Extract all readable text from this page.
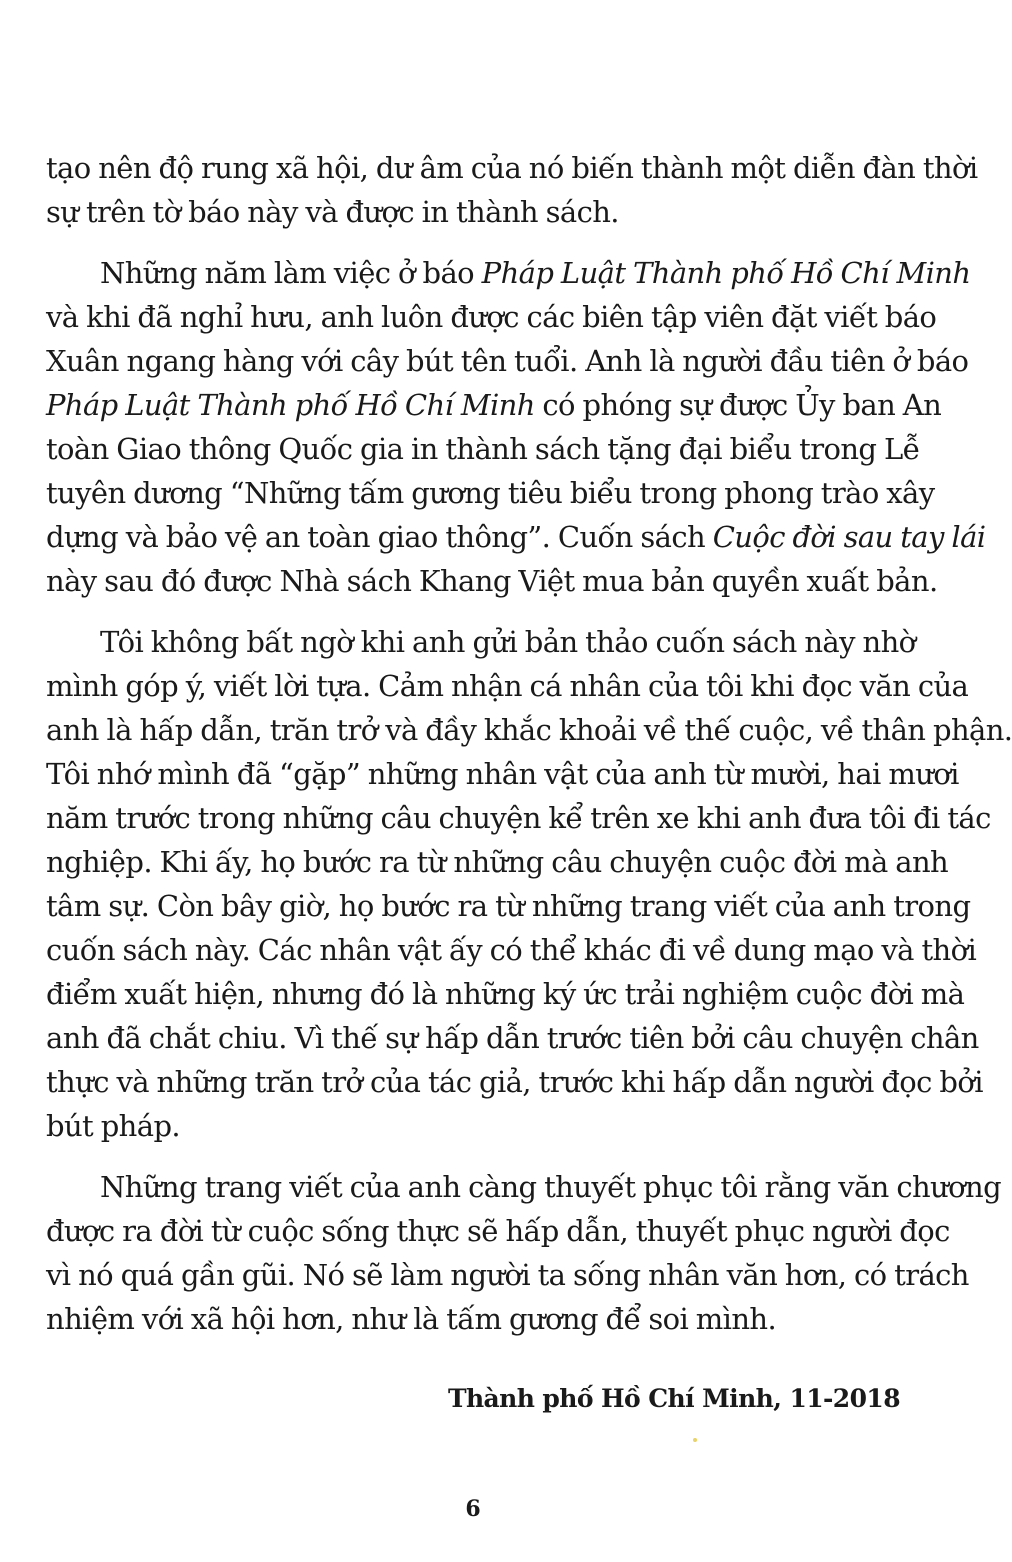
tạo nên độ rung xã hội, dư âm của nó biến thành một diễn đàn thời
sự trên tờ báo này và được in thành sách.

Những năm làm việc ở báo Pháp Luật Thành phố Hồ Chí Minh
và khi đã nghỉ hưu, anh luôn được các biên tập viên đặt viết báo
Xuân ngang hàng với cây bút tên tuổi. Anh là người đầu tiên ở báo
Pháp Luật Thành phố Hồ Chí Minh có phóng sự được Ủy ban An
toàn Giao thông Quốc gia in thành sách tặng đại biểu trong Lễ
tuyên dương “Những tấm gương tiêu biểu trong phong trào xây
dựng và bảo vệ an toàn giao thông”. Cuốn sách Cuộc đời sau tay lái
này sau đó được Nhà sách Khang Việt mua bản quyền xuất bản.

Tôi không bất ngờ khi anh gửi bản thảo cuốn sách này nhờ
mình góp ý, viết lời tựa. Cảm nhận cá nhân của tôi khi đọc văn của
anh là hấp dẫn, trăn trở và đầy khắc khoải về thế cuộc, về thân phận.
Tôi nhớ mình đã “gặp” những nhân vật của anh từ mười, hai mươi
năm trước trong những câu chuyện kể trên xe khi anh đưa tôi đi tác
nghiệp. Khi ấy, họ bước ra từ những câu chuyện cuộc đời mà anh
tâm sự. Còn bây giờ, họ bước ra từ những trang viết của anh trong
cuốn sách này. Các nhân vật ấy có thể khác đi về dung mạo và thời
điểm xuất hiện, nhưng đó là những ký ức trải nghiệm cuộc đời mà
anh đã chắt chiu. Vì thế sự hấp dẫn trước tiên bởi câu chuyện chân
thực và những trăn trở của tác giả, trước khi hấp dẫn người đọc bởi
bút pháp.

Những trang viết của anh càng thuyết phục tôi rằng văn chương
được ra đời từ cuộc sống thực sẽ hấp dẫn, thuyết phục người đọc
vì nó quá gần gũi. Nó sẽ làm người ta sống nhân văn hơn, có trách
nhiệm với xã hội hơn, như là tấm gương để soi mình.

Thành phố Hồ Chí Minh, 11-2018
6
